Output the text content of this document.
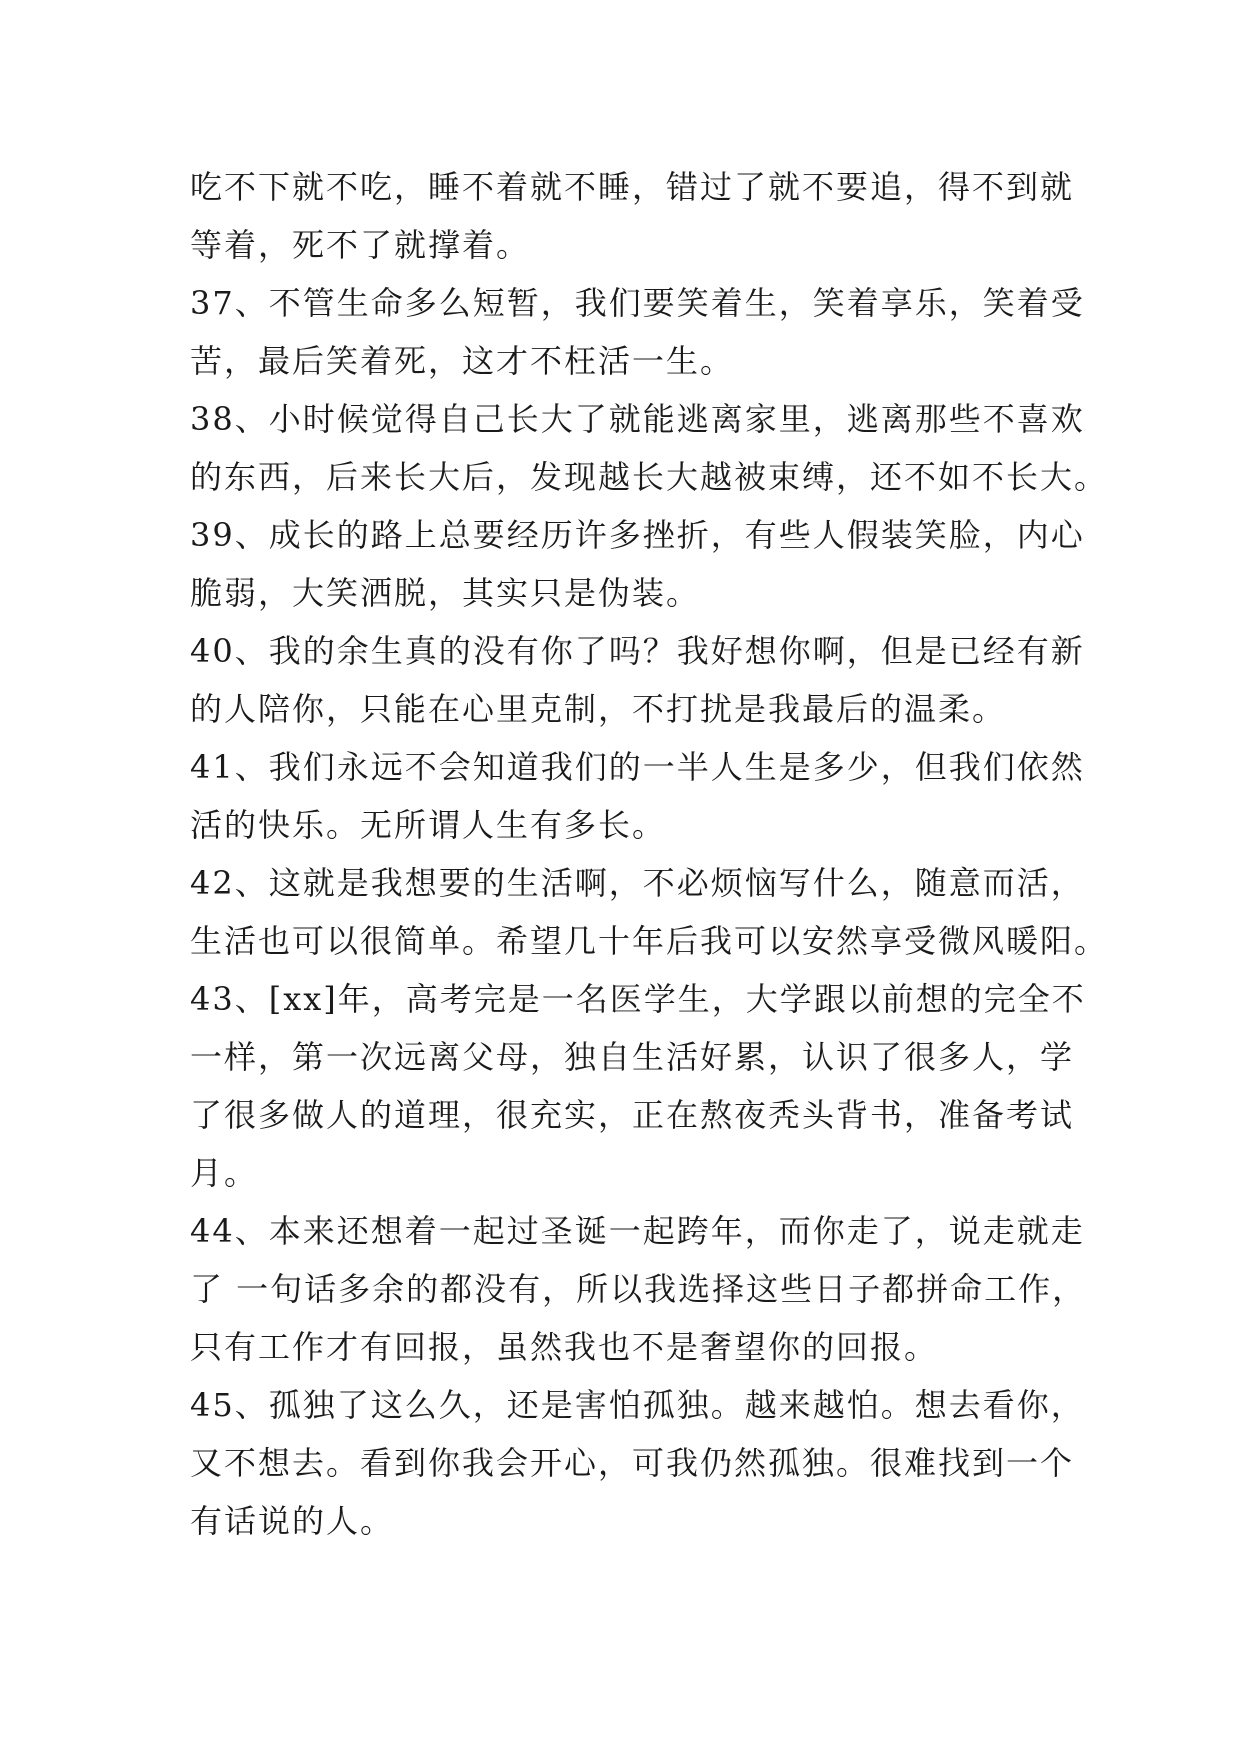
吃不下就不吃，睡不着就不睡，错过了就不要追，得不到就
等着，死不了就撑着。
37、不管生命多么短暂，我们要笑着生，笑着享乐，笑着受
苦，最后笑着死，这才不枉活一生。
38、小时候觉得自己长大了就能逃离家里，逃离那些不喜欢
的东西，后来长大后，发现越长大越被束缚，还不如不长大。
39、成长的路上总要经历许多挫折，有些人假装笑脸，内心
脆弱，大笑洒脱，其实只是伪装。
40、我的余生真的没有你了吗？我好想你啊，但是已经有新
的人陪你，只能在心里克制，不打扰是我最后的温柔。
41、我们永远不会知道我们的一半人生是多少，但我们依然
活的快乐。无所谓人生有多长。
42、这就是我想要的生活啊，不必烦恼写什么，随意而活，
生活也可以很简单。希望几十年后我可以安然享受微风暖阳。
43、[xx]年，高考完是一名医学生，大学跟以前想的完全不
一样，第一次远离父母，独自生活好累，认识了很多人，学
了很多做人的道理，很充实，正在熬夜秃头背书，准备考试
月。
44、本来还想着一起过圣诞一起跨年，而你走了，说走就走
了 一句话多余的都没有，所以我选择这些日子都拼命工作，
只有工作才有回报，虽然我也不是奢望你的回报。
45、孤独了这么久，还是害怕孤独。越来越怕。想去看你，
又不想去。看到你我会开心，可我仍然孤独。很难找到一个
有话说的人。
